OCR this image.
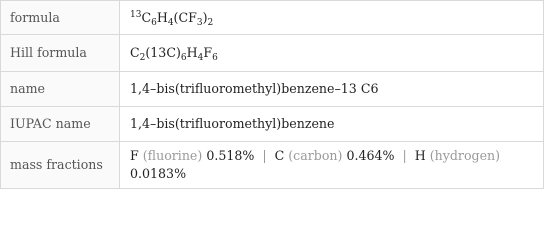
formula	$^{13}C_6H_4(CF_3)_2$
Hill formula	$C_2(13C)_6H_4F_6$
name	1,4–bis(trifluoromethyl)benzene–13 C6
IUPAC name	1,4–bis(trifluoromethyl)benzene
mass fractions	F (fluorine) 0.518% | C (carbon) 0.464% | H (hydrogen) 0.0183%
